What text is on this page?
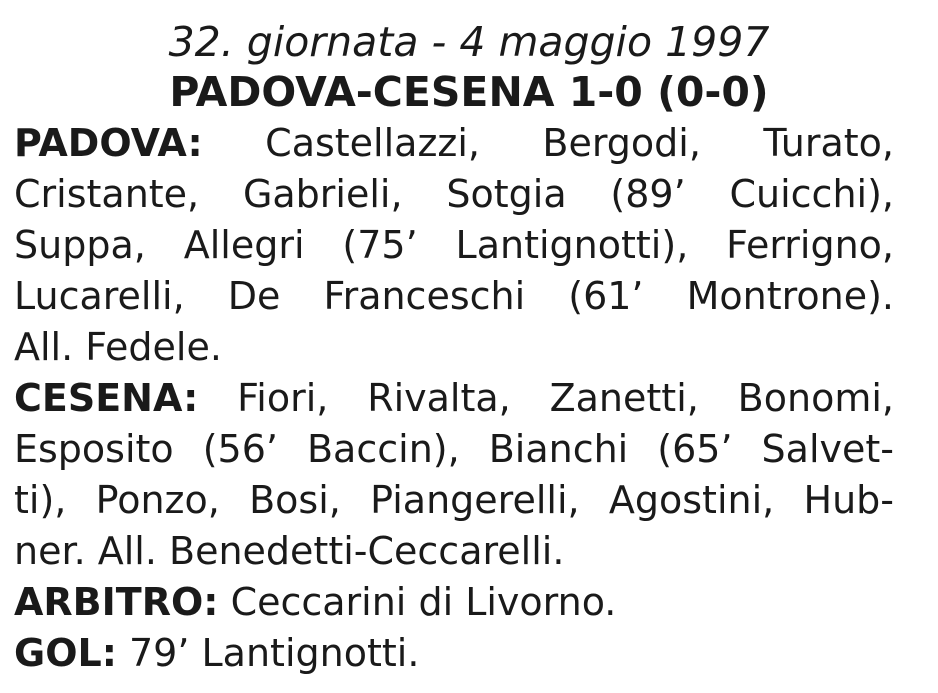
32. giornata - 4 maggio 1997
PADOVA-CESENA 1-0 (0-0)
PADOVA: Castellazzi, Bergodi, Turato,
Cristante, Gabrieli, Sotgia (89’ Cuicchi),
Suppa, Allegri (75’ Lantignotti), Ferrigno,
Lucarelli, De Franceschi (61’ Montrone).
All. Fedele.
CESENA: Fiori, Rivalta, Zanetti, Bonomi,
Esposito (56’ Baccin), Bianchi (65’ Salvet-
ti), Ponzo, Bosi, Piangerelli, Agostini, Hub-
ner. All. Benedetti-Ceccarelli.
ARBITRO: Ceccarini di Livorno.
GOL: 79’ Lantignotti.
